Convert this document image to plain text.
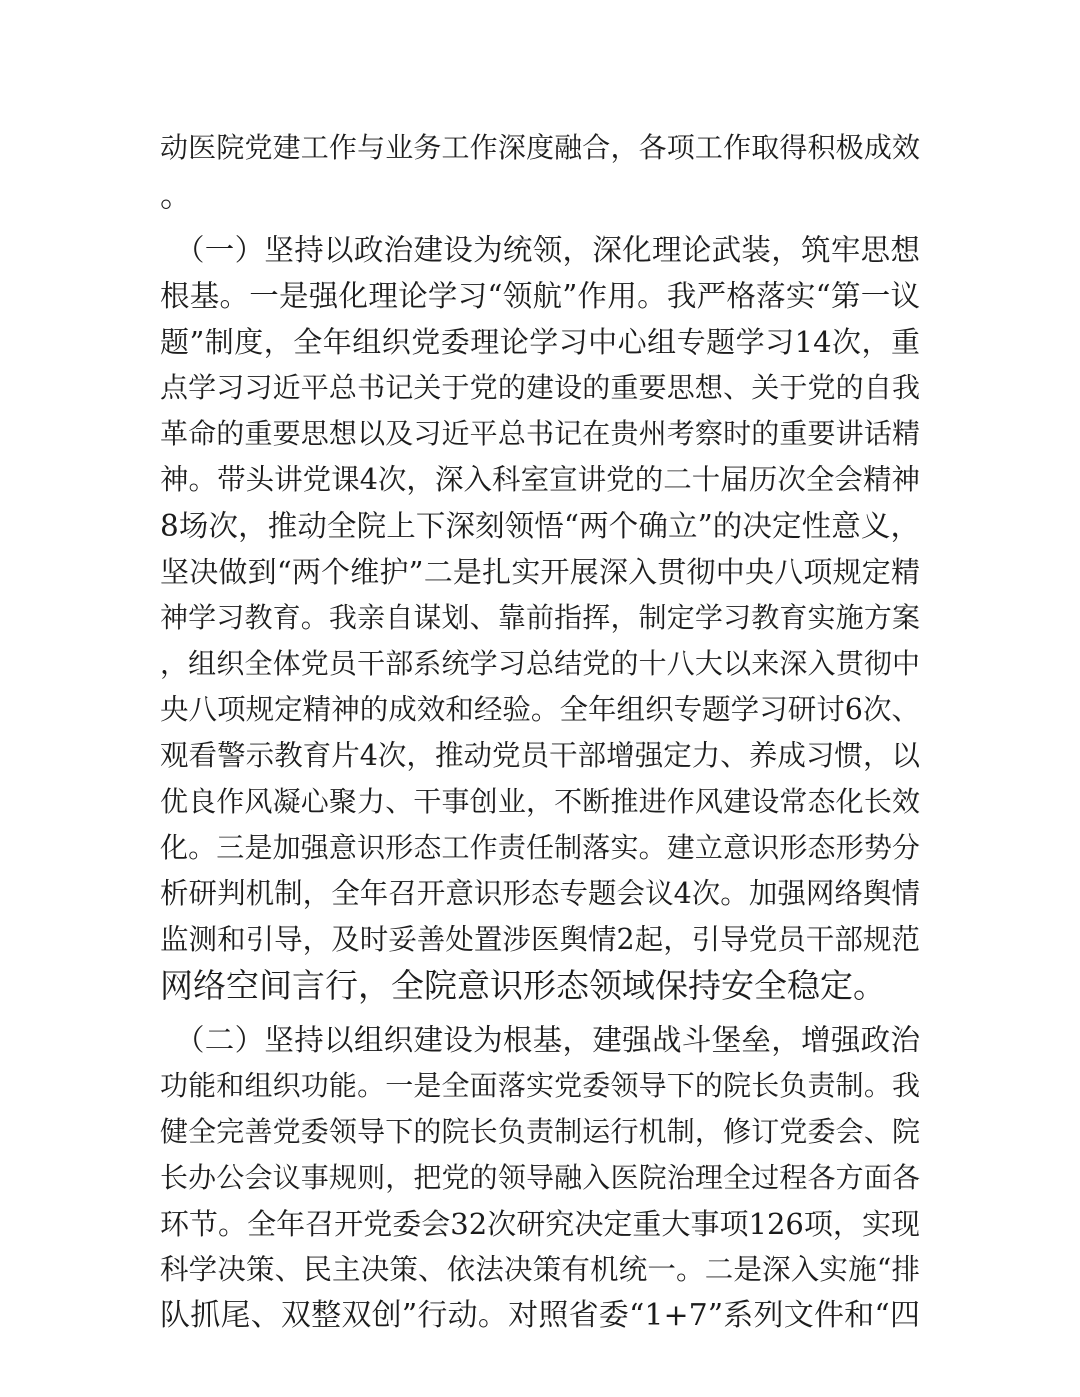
动医院党建工作与业务工作深度融合，各项工作取得积极成效
。
（一）坚持以政治建设为统领，深化理论武装，筑牢思想
根基。一是强化理论学习“领航”作用。我严格落实“第一议
题”制度，全年组织党委理论学习中心组专题学习14次，重
点学习习近平总书记关于党的建设的重要思想、关于党的自我
革命的重要思想以及习近平总书记在贵州考察时的重要讲话精
神。带头讲党课4次，深入科室宣讲党的二十届历次全会精神
8场次，推动全院上下深刻领悟“两个确立”的决定性意义，
坚决做到“两个维护”二是扎实开展深入贯彻中央八项规定精
神学习教育。我亲自谋划、靠前指挥，制定学习教育实施方案
，组织全体党员干部系统学习总结党的十八大以来深入贯彻中
央八项规定精神的成效和经验。全年组织专题学习研讨6次、
观看警示教育片4次，推动党员干部增强定力、养成习惯，以
优良作风凝心聚力、干事创业，不断推进作风建设常态化长效
化。三是加强意识形态工作责任制落实。建立意识形态形势分
析研判机制，全年召开意识形态专题会议4次。加强网络舆情
监测和引导，及时妥善处置涉医舆情2起，引导党员干部规范
网络空间言行，全院意识形态领域保持安全稳定。
（二）坚持以组织建设为根基，建强战斗堡垒，增强政治
功能和组织功能。一是全面落实党委领导下的院长负责制。我
健全完善党委领导下的院长负责制运行机制，修订党委会、院
长办公会议事规则，把党的领导融入医院治理全过程各方面各
环节。全年召开党委会32次研究决定重大事项126项，实现
科学决策、民主决策、依法决策有机统一。二是深入实施“排
队抓尾、双整双创”行动。对照省委“1+7”系列文件和“四
